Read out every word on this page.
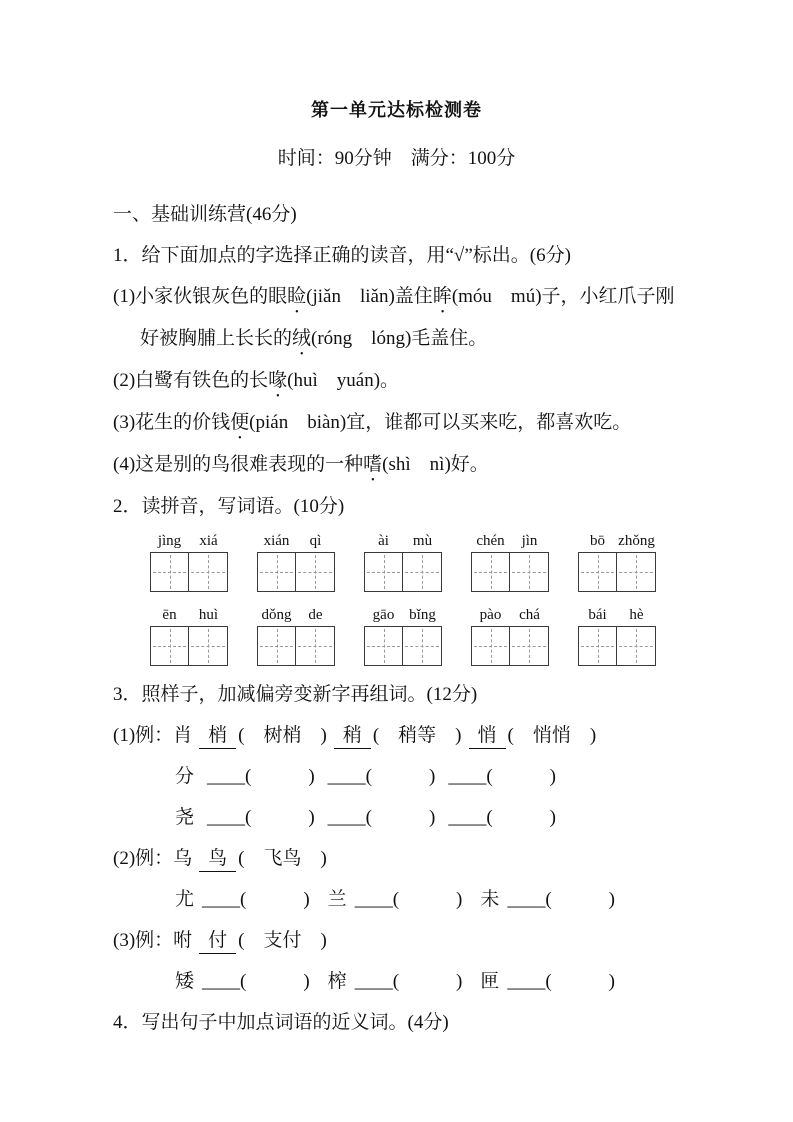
第一单元达标检测卷
时间：90分钟　满分：100分
一、基础训练营(46分)
1．给下面加点的字选择正确的读音，用“√”标出。(6分)
(1)小家伙银灰色的眼睑(jiǎn　liǎn)盖住眸(móu　mú)子，小红爪子刚
好被胸脯上长长的绒(róng　lóng)毛盖住。
(2)白鹭有铁色的长喙(huì　yuán)。
(3)花生的价钱便(pián　biàn)宜，谁都可以买来吃，都喜欢吃。
(4)这是别的鸟很难表现的一种嗜(shì　nì)好。
2．读拼音，写词语。(10分)
jìng	xiá	xián	qì	ài	mù	chén	jìn	bō zhǒng
ēn	huì	dǒng	de	gāo bǐng	pào	chá	bái	hè
3．照样子，加减偏旁变新字再组词。(12分)
(1)例：肖 梢 (　树梢　) 稍 (　稍等　) 悄 (　悄悄　)
分 ____(　　　) ____(　　　) ____(　　　)
尧 ____(　　　) ____(　　　) ____(　　　)
(2)例：乌 鸟 (　飞鸟　)
尤 ____(　　　) 兰 ____(　　　) 未 ____(　　　)
(3)例：咐 付 (　支付　)
矮 ____(　　　) 榨 ____(　　　) 匣 ____(　　　)
4．写出句子中加点词语的近义词。(4分)
